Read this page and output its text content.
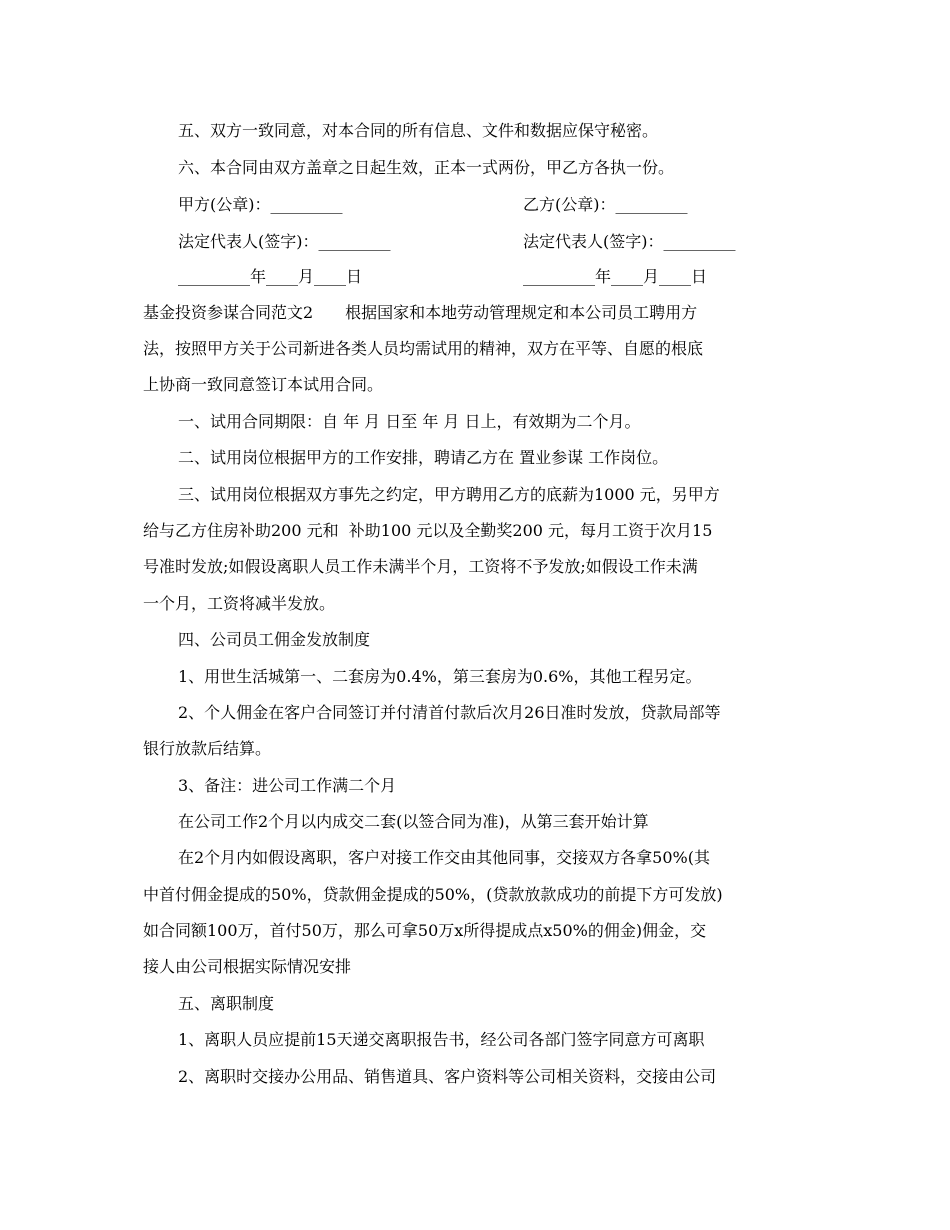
五、双方一致同意，对本合同的所有信息、文件和数据应保守秘密。
六、本合同由双方盖章之日起生效，正本一式两份，甲乙方各执一份。
甲方(公章)：_________	乙方(公章)：_________
法定代表人(签字)：_________	法定代表人(签字)：_________
_________年____月____日	_________年____月____日
基金投资参谋合同范文2　　根据国家和本地劳动管理规定和本公司员工聘用方
法，按照甲方关于公司新进各类人员均需试用的精神，双方在平等、自愿的根底
上协商一致同意签订本试用合同。
一、试用合同期限：自 年 月 日至 年 月 日上，有效期为二个月。
二、试用岗位根据甲方的工作安排，聘请乙方在 置业参谋 工作岗位。
三、试用岗位根据双方事先之约定，甲方聘用乙方的底薪为1000 元，另甲方
给与乙方住房补助200 元和  补助100 元以及全勤奖200 元，每月工资于次月15
号准时发放;如假设离职人员工作未满半个月，工资将不予发放;如假设工作未满
一个月，工资将减半发放。
四、公司员工佣金发放制度
1、用世生活城第一、二套房为0.4%，第三套房为0.6%，其他工程另定。
2、个人佣金在客户合同签订并付清首付款后次月26日准时发放，贷款局部等
银行放款后结算。
3、备注：进公司工作满二个月
在公司工作2个月以内成交二套(以签合同为准)，从第三套开始计算
在2个月内如假设离职，客户对接工作交由其他同事，交接双方各拿50%(其
中首付佣金提成的50%，贷款佣金提成的50%，(贷款放款成功的前提下方可发放)
如合同额100万，首付50万，那么可拿50万x所得提成点x50%的佣金)佣金，交
接人由公司根据实际情况安排
五、离职制度
1、离职人员应提前15天递交离职报告书，经公司各部门签字同意方可离职
2、离职时交接办公用品、销售道具、客户资料等公司相关资料，交接由公司
